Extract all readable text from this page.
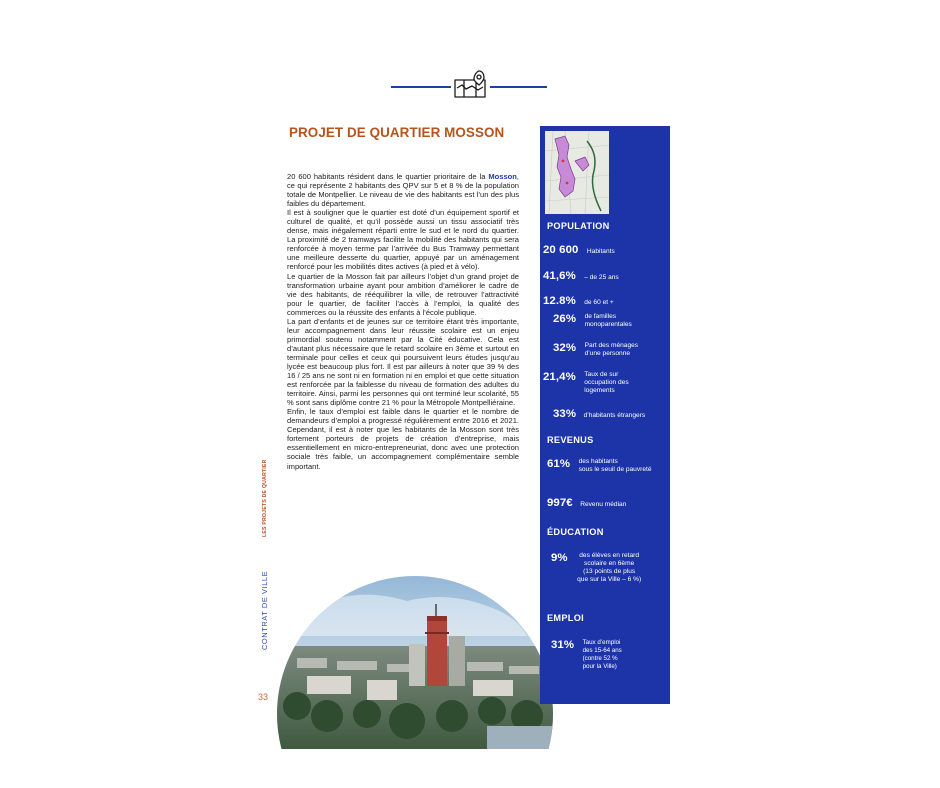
PROJET DE QUARTIER MOSSON

20 600 habitants résident dans le quartier prioritaire de la Mosson, ce qui représente 2 habitants des QPV sur 5 et 8 % de la population totale de Montpellier. Le niveau de vie des habitants est l’un des plus faibles du département.

Il est à souligner que le quartier est doté d’un équipement sportif et culturel de qualité, et qu’il possède aussi un tissu associatif très dense, mais inégalement réparti entre le sud et le nord du quartier. La proximité de 2 tramways facilite la mobilité des habitants qui sera renforcée à moyen terme par l’arrivée du Bus Tramway permettant une meilleure desserte du quartier, appuyé par un aménagement renforcé pour les mobilités dites actives (à pied et à vélo).

Le quartier de la Mosson fait par ailleurs l’objet d’un grand projet de transformation urbaine ayant pour ambition d’améliorer le cadre de vie des habitants, de rééquilibrer la ville, de retrouver l’attractivité pour le quartier, de faciliter l’accès à l’emploi, la qualité des commerces ou la réussite des enfants à l’école publique.

La part d’enfants et de jeunes sur ce territoire étant très importante, leur accompagnement dans leur réussite scolaire est un enjeu primordial soutenu notamment par la Cité éducative. Cela est d’autant plus nécessaire que le retard scolaire en 3ème et surtout en terminale pour celles et ceux qui poursuivent leurs études jusqu’au lycée est beaucoup plus fort. Il est par ailleurs à noter que 39 % des 16 / 25 ans ne sont ni en formation ni en emploi et que cette situation est renforcée par la faiblesse du niveau de formation des adultes du territoire. Ainsi, parmi les personnes qui ont terminé leur scolarité, 55 % sont sans diplôme contre 21 % pour la Métropole Montpelliéraine.

Enfin, le taux d’emploi est faible dans le quartier et le nombre de demandeurs d’emploi a progressé régulièrement entre 2016 et 2021. Cependant, il est à noter que les habitants de la Mosson sont très fortement porteurs de projets de création d’entreprise, mais essentiellement en micro-entrepreneuriat, donc avec une protection sociale très faible, un accompagnement complémentaire semble important.

LES PROJETS DE QUARTIER
CONTRAT DE VILLE
33
POPULATION
20 600 Habitants
41,6% – de 25 ans
12.8% de 60 et +
26% de familles
monoparentales
32% Part des ménages
d’une personne
21,4% Taux de sur
occupation des
logements
33% d’habitants étrangers
REVENUS
61% des habitants
sous le seuil de pauvreté
997€ Revenu médian
ÉDUCATION
9% des élèves en retard
scolaire en 6ème
(13 points de plus
que sur la Ville – 6 %)
EMPLOI
31% Taux d’emploi
des 15-64 ans
(contre 52 %
pour la Ville)
